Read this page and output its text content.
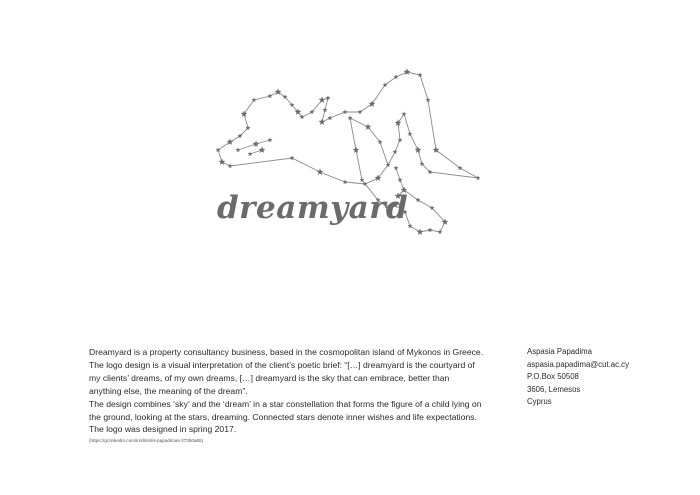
dreamyard

Dreamyard is a property consultancy business, based in the cosmopolitan island of Mykonos in Greece. The logo design is a visual interpretation of the client’s poetic brief: “[…] dreamyard is the courtyard of my clients’ dreams, of my own dreams, […] dreamyard is the sky that can embrace, better than anything else, the meaning of the dream”.

The design combines ‘sky’ and the ‘dream’ in a star constellation that forms the figure of a child lying on the ground, looking at the stars, dreaming. Connected stars denote inner wishes and life expectations. The logo was designed in spring 2017.

(https://gr.linkedin.com/in/dimitris-papadimas-373b0a65)
Aspasia Papadima
aspasia.papadima@cut.ac.cy
P.O.Box 50508
3606, Lemesos
Cyprus
